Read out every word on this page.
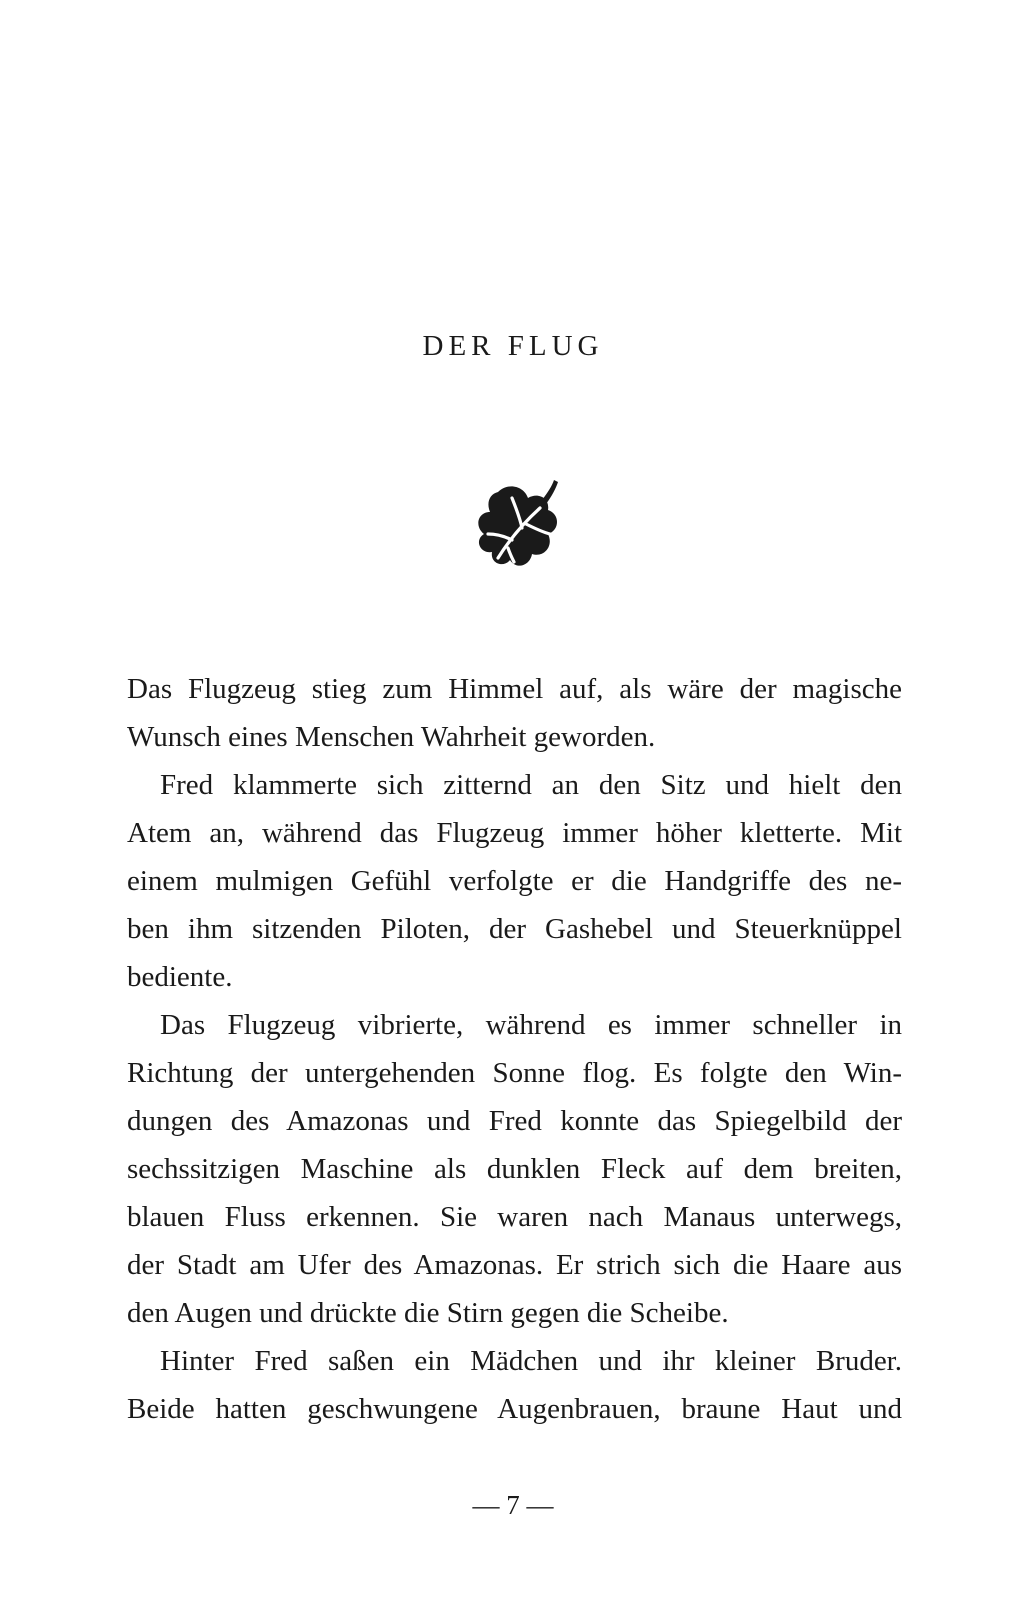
DER FLUG
Das Flugzeug stieg zum Himmel auf, als wäre der magische
Wunsch eines Menschen Wahrheit geworden.
Fred klammerte sich zitternd an den Sitz und hielt den
Atem an, während das Flugzeug immer höher kletterte. Mit
einem mulmigen Gefühl verfolgte er die Handgriffe des ne-
ben ihm sitzenden Piloten, der Gashebel und Steuerknüppel
bediente.
Das Flugzeug vibrierte, während es immer schneller in
Richtung der untergehenden Sonne flog. Es folgte den Win-
dungen des Amazonas und Fred konnte das Spiegelbild der
sechssitzigen Maschine als dunklen Fleck auf dem breiten,
blauen Fluss erkennen. Sie waren nach Manaus unterwegs,
der Stadt am Ufer des Amazonas. Er strich sich die Haare aus
den Augen und drückte die Stirn gegen die Scheibe.
Hinter Fred saßen ein Mädchen und ihr kleiner Bruder.
Beide hatten geschwungene Augenbrauen, braune Haut und
— 7 —
